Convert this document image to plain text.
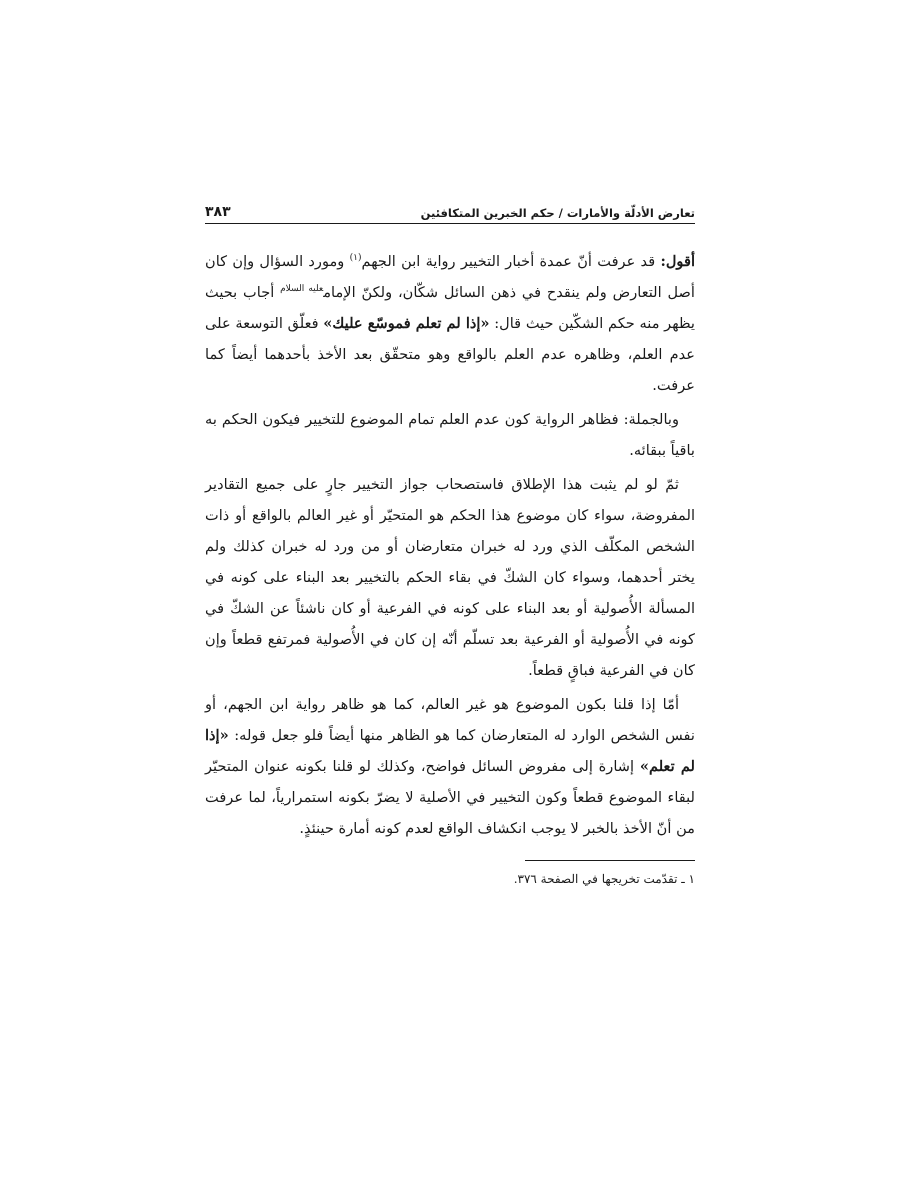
تعارض الأدلّة والأمارات / حكم الخبرين المتكافئين
٣٨٣

أقول: قد عرفت أنّ عمدة أخبار التخيير رواية ابن الجهم$^{(١)}$ ومورد السؤال وإن كان أصل التعارض ولم ينقدح في ذهن السائل شكّان، ولكنّ الإمام$^{عليه السلام}$ أجاب بحيث يظهر منه حكم الشكّين حيث قال: «إذا لم تعلم فموسّع عليك» فعلّق التوسعة على عدم العلم، وظاهره عدم العلم بالواقع وهو متحقّق بعد الأخذ بأحدهما أيضاً كما عرفت.

وبالجملة: فظاهر الرواية كون عدم العلم تمام الموضوع للتخيير فيكون الحكم به باقياً ببقائه.

ثمّ لو لم يثبت هذا الإطلاق فاستصحاب جواز التخيير جارٍ على جميع التقادير المفروضة، سواء كان موضوع هذا الحكم هو المتحيّر أو غير العالم بالواقع أو ذات الشخص المكلّف الذي ورد له خبران متعارضان أو من ورد له خبران كذلك ولم يختر أحدهما، وسواء كان الشكّ في بقاء الحكم بالتخيير بعد البناء على كونه في المسألة الأُصولية أو بعد البناء على كونه في الفرعية أو كان ناشئاً عن الشكّ في كونه في الأُصولية أو الفرعية بعد تسلّم أنّه إن كان في الأُصولية فمرتفع قطعاً وإن كان في الفرعية فباقٍ قطعاً.

أمّا إذا قلنا بكون الموضوع هو غير العالم، كما هو ظاهر رواية ابن الجهم، أو نفس الشخص الوارد له المتعارضان كما هو الظاهر منها أيضاً فلو جعل قوله: «إذا لم تعلم» إشارة إلى مفروض السائل فواضح، وكذلك لو قلنا بكونه عنوان المتحيّر لبقاء الموضوع قطعاً وكون التخيير في الأصلية لا يضرّ بكونه استمرارياً، لما عرفت من أنّ الأخذ بالخبر لا يوجب انكشاف الواقع لعدم كونه أمارة حينئذٍ.

١ ـ تقدّمت تخريجها في الصفحة ٣٧٦.
